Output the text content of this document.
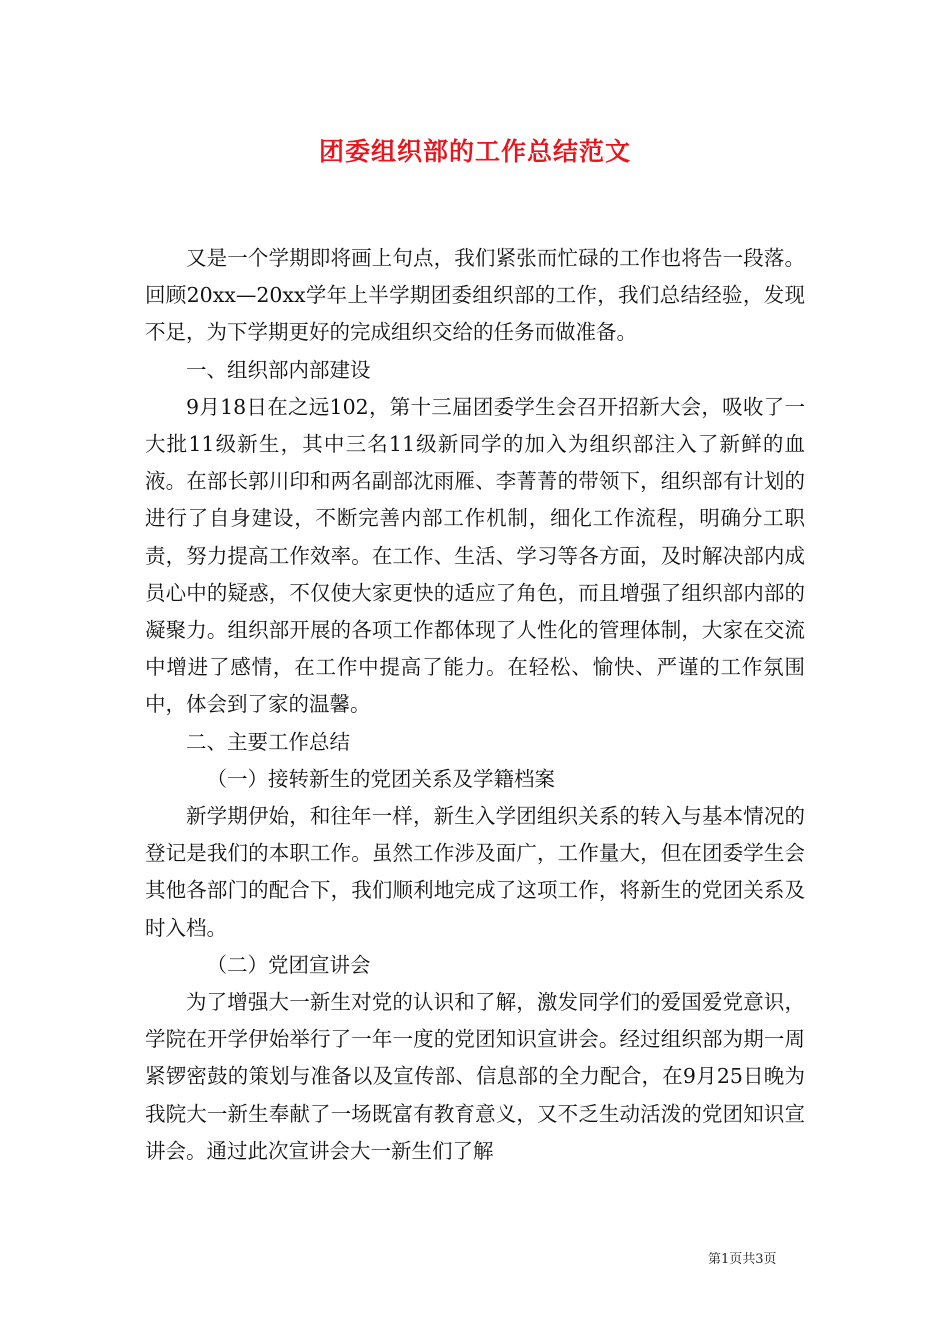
团委组织部的工作总结范文

又是一个学期即将画上句点，我们紧张而忙碌的工作也将告一段落。回顾20xx—20xx学年上半学期团委组织部的工作，我们总结经验，发现不足，为下学期更好的完成组织交给的任务而做准备。

一、组织部内部建设

9月18日在之远102，第十三届团委学生会召开招新大会，吸收了一大批11级新生，其中三名11级新同学的加入为组织部注入了新鲜的血液。在部长郭川印和两名副部沈雨雁、李菁菁的带领下，组织部有计划的进行了自身建设，不断完善内部工作机制，细化工作流程，明确分工职责，努力提高工作效率。在工作、生活、学习等各方面，及时解决部内成员心中的疑惑，不仅使大家更快的适应了角色，而且增强了组织部内部的凝聚力。组织部开展的各项工作都体现了人性化的管理体制，大家在交流中增进了感情，在工作中提高了能力。在轻松、愉快、严谨的工作氛围中，体会到了家的温馨。

二、主要工作总结

（一）接转新生的党团关系及学籍档案

新学期伊始，和往年一样，新生入学团组织关系的转入与基本情况的登记是我们的本职工作。虽然工作涉及面广，工作量大，但在团委学生会其他各部门的配合下，我们顺利地完成了这项工作，将新生的党团关系及时入档。

（二）党团宣讲会

为了增强大一新生对党的认识和了解，激发同学们的爱国爱党意识，学院在开学伊始举行了一年一度的党团知识宣讲会。经过组织部为期一周紧锣密鼓的策划与准备以及宣传部、信息部的全力配合，在9月25日晚为我院大一新生奉献了一场既富有教育意义，又不乏生动活泼的党团知识宣讲会。通过此次宣讲会大一新生们了解

第1页共3页
